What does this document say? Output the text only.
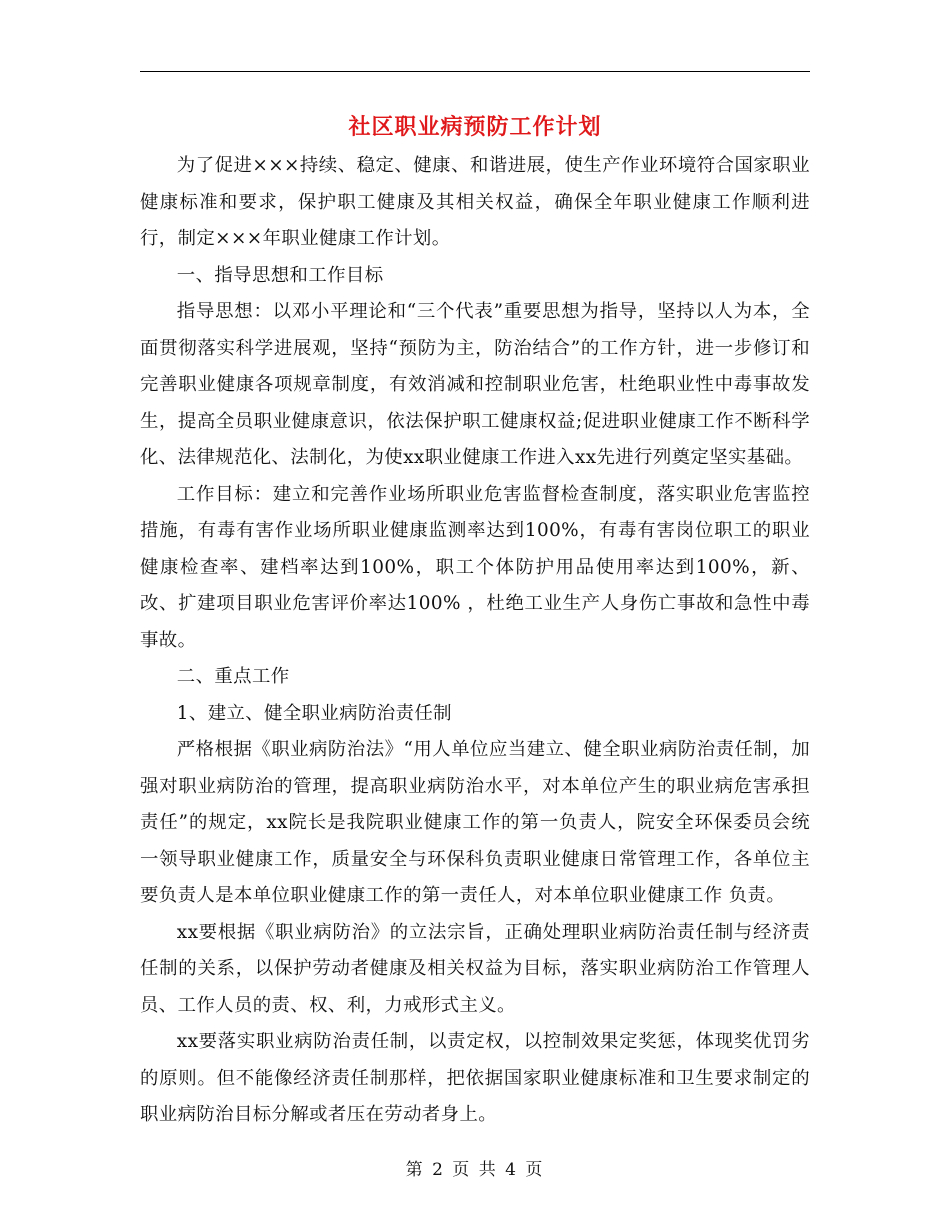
社区职业病预防工作计划

为了促进×××持续、稳定、健康、和谐进展，使生产作业环境符合国家职业健康标准和要求，保护职工健康及其相关权益，确保全年职业健康工作顺利进行，制定×××年职业健康工作计划。

一、指导思想和工作目标

指导思想：以邓小平理论和“三个代表”重要思想为指导，坚持以人为本，全面贯彻落实科学进展观，坚持“预防为主，防治结合”的工作方针，进一步修订和完善职业健康各项规章制度，有效消减和控制职业危害，杜绝职业性中毒事故发生，提高全员职业健康意识，依法保护职工健康权益;促进职业健康工作不断科学化、法律规范化、法制化，为使xx职业健康工作进入xx先进行列奠定坚实基础。

工作目标：建立和完善作业场所职业危害监督检查制度，落实职业危害监控措施，有毒有害作业场所职业健康监测率达到100%，有毒有害岗位职工的职业健康检查率、建档率达到100%，职工个体防护用品使用率达到100%，新、改、扩建项目职业危害评价率达100% ，杜绝工业生产人身伤亡事故和急性中毒事故。

二、重点工作

1、建立、健全职业病防治责任制

严格根据《职业病防治法》“用人单位应当建立、健全职业病防治责任制，加强对职业病防治的管理，提高职业病防治水平，对本单位产生的职业病危害承担责任”的规定，xx院长是我院职业健康工作的第一负责人，院安全环保委员会统一领导职业健康工作，质量安全与环保科负责职业健康日常管理工作，各单位主要负责人是本单位职业健康工作的第一责任人，对本单位职业健康工作 负责。

xx要根据《职业病防治》的立法宗旨，正确处理职业病防治责任制与经济责任制的关系，以保护劳动者健康及相关权益为目标，落实职业病防治工作管理人员、工作人员的责、权、利，力戒形式主义。

xx要落实职业病防治责任制，以责定权，以控制效果定奖惩，体现奖优罚劣的原则。但不能像经济责任制那样，把依据国家职业健康标准和卫生要求制定的职业病防治目标分解或者压在劳动者身上。

第 2 页 共 4 页
